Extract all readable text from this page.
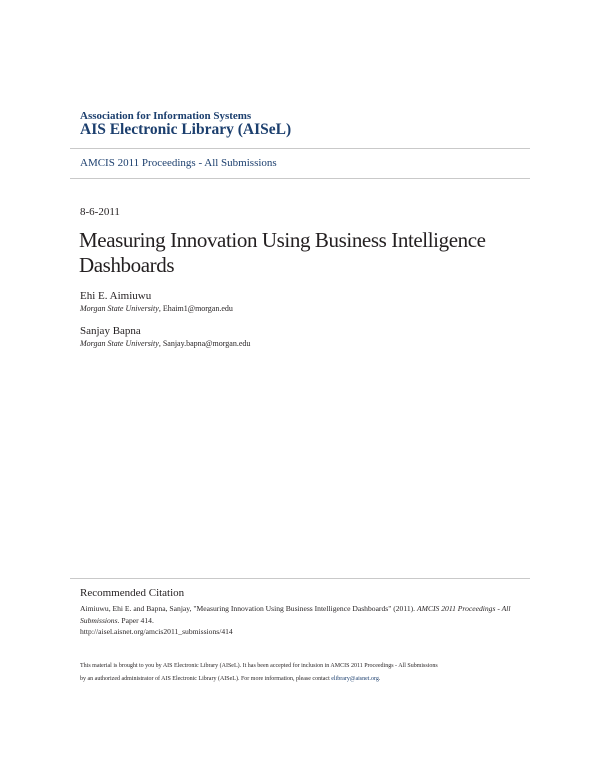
Association for Information Systems
AIS Electronic Library (AISeL)
AMCIS 2011 Proceedings - All Submissions
8-6-2011
Measuring Innovation Using Business Intelligence
Dashboards
Ehi E. Aimiuwu
Morgan State University, Ehaim1@morgan.edu
Sanjay Bapna
Morgan State University, Sanjay.bapna@morgan.edu
Recommended Citation
Aimiuwu, Ehi E. and Bapna, Sanjay, "Measuring Innovation Using Business Intelligence Dashboards" (2011). AMCIS 2011 Proceedings - All Submissions. Paper 414.
http://aisel.aisnet.org/amcis2011_submissions/414
This material is brought to you by AIS Electronic Library (AISeL). It has been accepted for inclusion in AMCIS 2011 Proceedings - All Submissions
by an authorized administrator of AIS Electronic Library (AISeL). For more information, please contact elibrary@aisnet.org.
